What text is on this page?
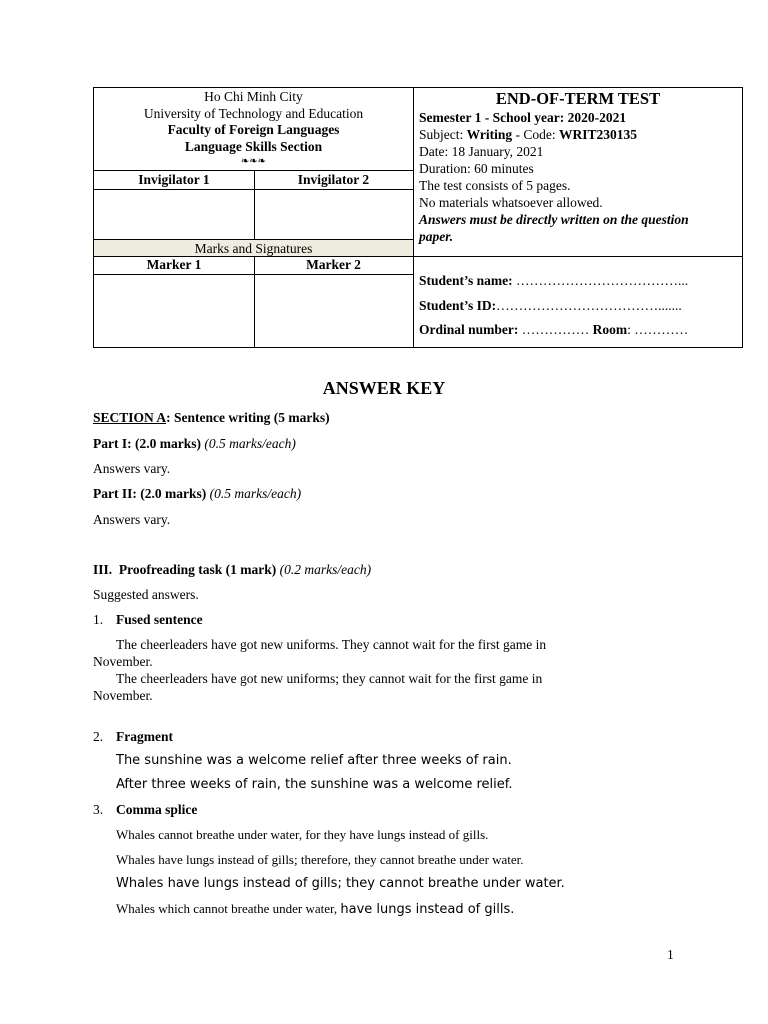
Ho Chi Minh City
University of Technology and Education
Faculty of Foreign Languages
Language Skills Section
❧❧❧
Invigilator 1	Invigilator 2
Marks and Signatures
Marker 1	Marker 2
END-OF-TERM TEST
Semester 1 - School year: 2020-2021
Subject: Writing - Code: WRIT230135
Date: 18 January, 2021
Duration: 60 minutes
The test consists of 5 pages.
No materials whatsoever allowed.
Answers must be directly written on the question
paper.
Student’s name: ………………………………...
Student’s ID:……………………………….......
Ordinal number: …………… Room: …………
ANSWER KEY
SECTION A: Sentence writing (5 marks)
Part I: (2.0 marks) (0.5 marks/each)
Answers vary.
Part II: (2.0 marks) (0.5 marks/each)
Answers vary.
III. Proofreading task (1 mark) (0.2 marks/each)
Suggested answers.
1. Fused sentence
The cheerleaders have got new uniforms. They cannot wait for the first game in
November.
The cheerleaders have got new uniforms; they cannot wait for the first game in
November.
2. Fragment
The sunshine was a welcome relief after three weeks of rain.
After three weeks of rain, the sunshine was a welcome relief.
3. Comma splice
Whales cannot breathe under water, for they have lungs instead of gills.
Whales have lungs instead of gills; therefore, they cannot breathe under water.
Whales have lungs instead of gills; they cannot breathe under water.
Whales which cannot breathe under water, have lungs instead of gills.
1
